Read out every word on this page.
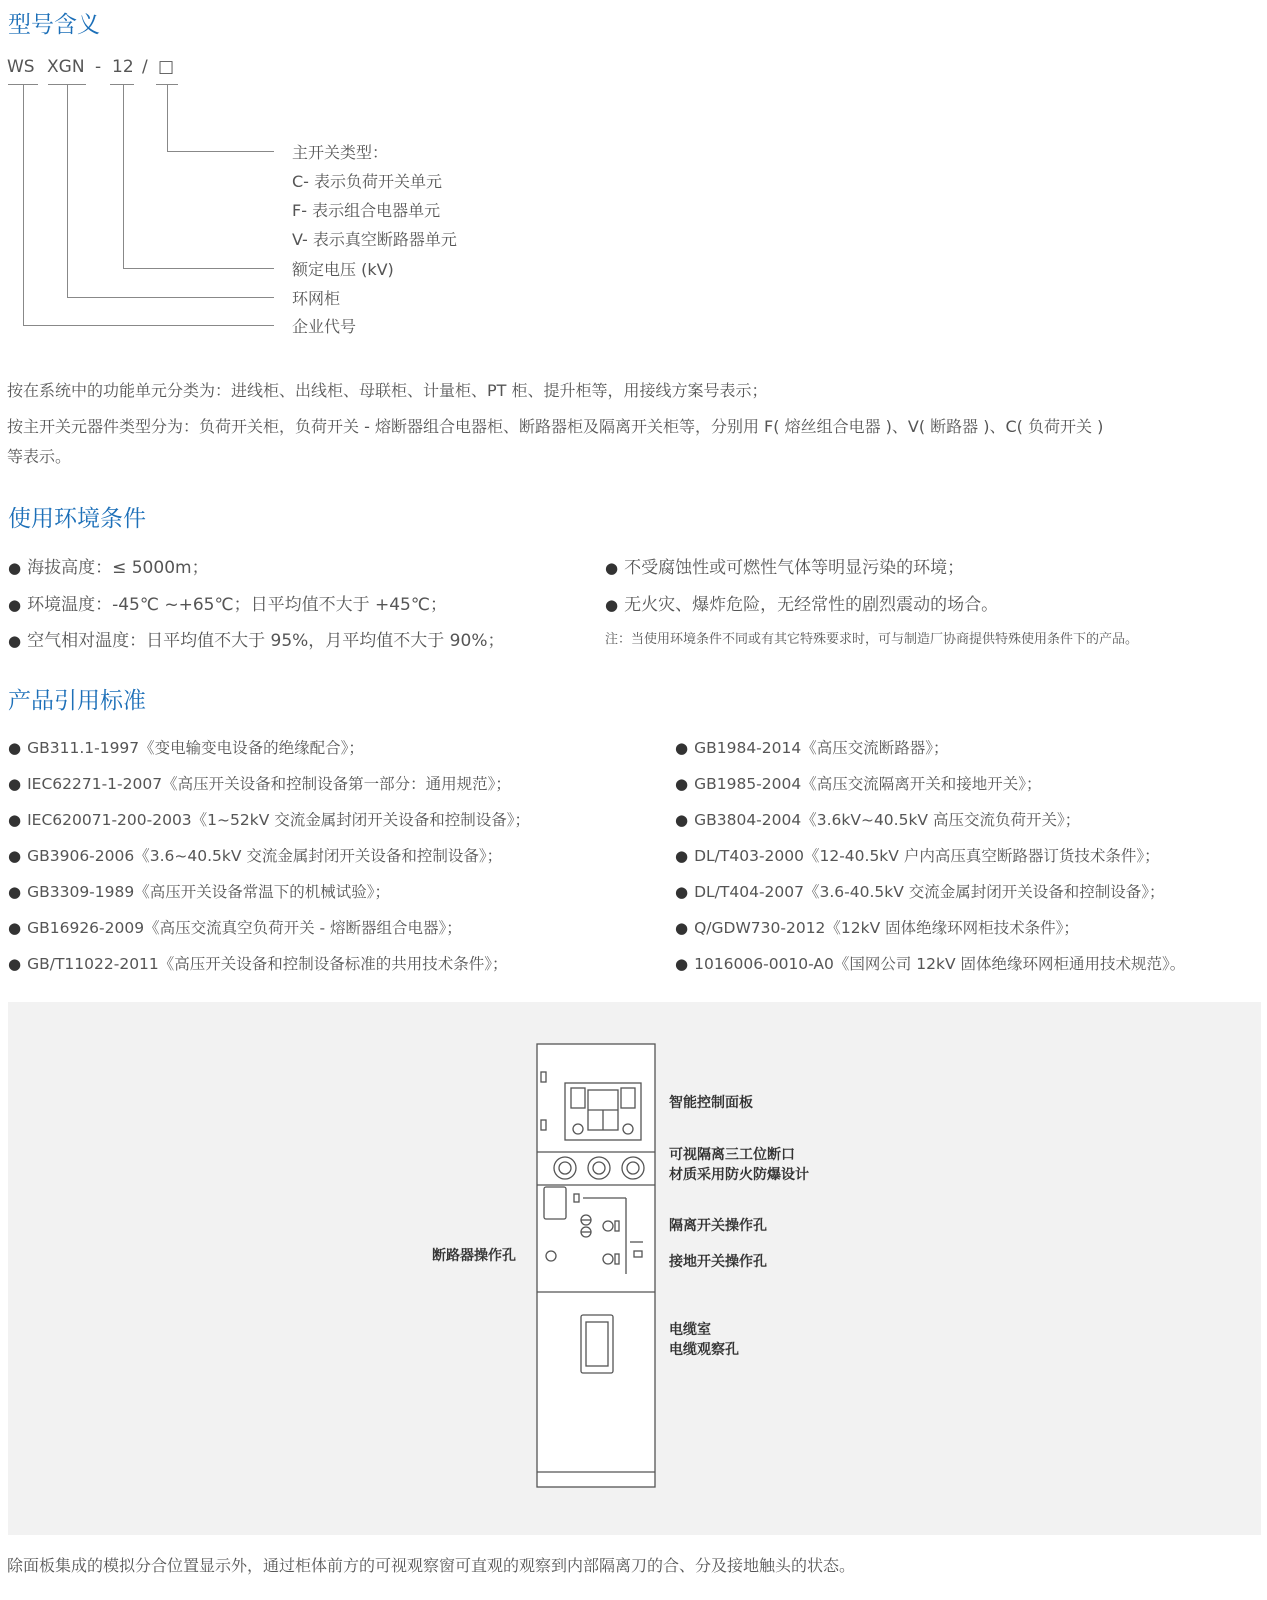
型号含义
WS XGN - 12 / □
主开关类型：
C- 表示负荷开关单元
F- 表示组合电器单元
V- 表示真空断路器单元
额定电压 (kV)
环网柜
企业代号
按在系统中的功能单元分类为：进线柜、出线柜、母联柜、计量柜、PT 柜、提升柜等，用接线方案号表示；
按主开关元器件类型分为：负荷开关柜，负荷开关 - 熔断器组合电器柜、断路器柜及隔离开关柜等，分别用 F( 熔丝组合电器 )、V( 断路器 )、C( 负荷开关 )
等表示。
使用环境条件
● 海拔高度：≤ 5000m；
● 环境温度：-45℃ ~+65℃；日平均值不大于 +45℃；
● 空气相对温度：日平均值不大于 95%，月平均值不大于 90%；
● 不受腐蚀性或可燃性气体等明显污染的环境；
● 无火灾、爆炸危险，无经常性的剧烈震动的场合。
注：当使用环境条件不同或有其它特殊要求时，可与制造厂协商提供特殊使用条件下的产品。
产品引用标准
● GB311.1-1997《变电输变电设备的绝缘配合》；
● IEC62271-1-2007《高压开关设备和控制设备第一部分：通用规范》；
● IEC620071-200-2003《1~52kV 交流金属封闭开关设备和控制设备》；
● GB3906-2006《3.6~40.5kV 交流金属封闭开关设备和控制设备》；
● GB3309-1989《高压开关设备常温下的机械试验》；
● GB16926-2009《高压交流真空负荷开关 - 熔断器组合电器》；
● GB/T11022-2011《高压开关设备和控制设备标准的共用技术条件》；
● GB1984-2014《高压交流断路器》；
● GB1985-2004《高压交流隔离开关和接地开关》；
● GB3804-2004《3.6kV~40.5kV 高压交流负荷开关》；
● DL/T403-2000《12-40.5kV 户内高压真空断路器订货技术条件》；
● DL/T404-2007《3.6-40.5kV 交流金属封闭开关设备和控制设备》；
● Q/GDW730-2012《12kV 固体绝缘环网柜技术条件》；
● 1016006-0010-A0《国网公司 12kV 固体绝缘环网柜通用技术规范》。
智能控制面板
可视隔离三工位断口
材质采用防火防爆设计
隔离开关操作孔
接地开关操作孔
断路器操作孔
电缆室
电缆观察孔
除面板集成的模拟分合位置显示外，通过柜体前方的可视观察窗可直观的观察到内部隔离刀的合、分及接地触头的状态。
